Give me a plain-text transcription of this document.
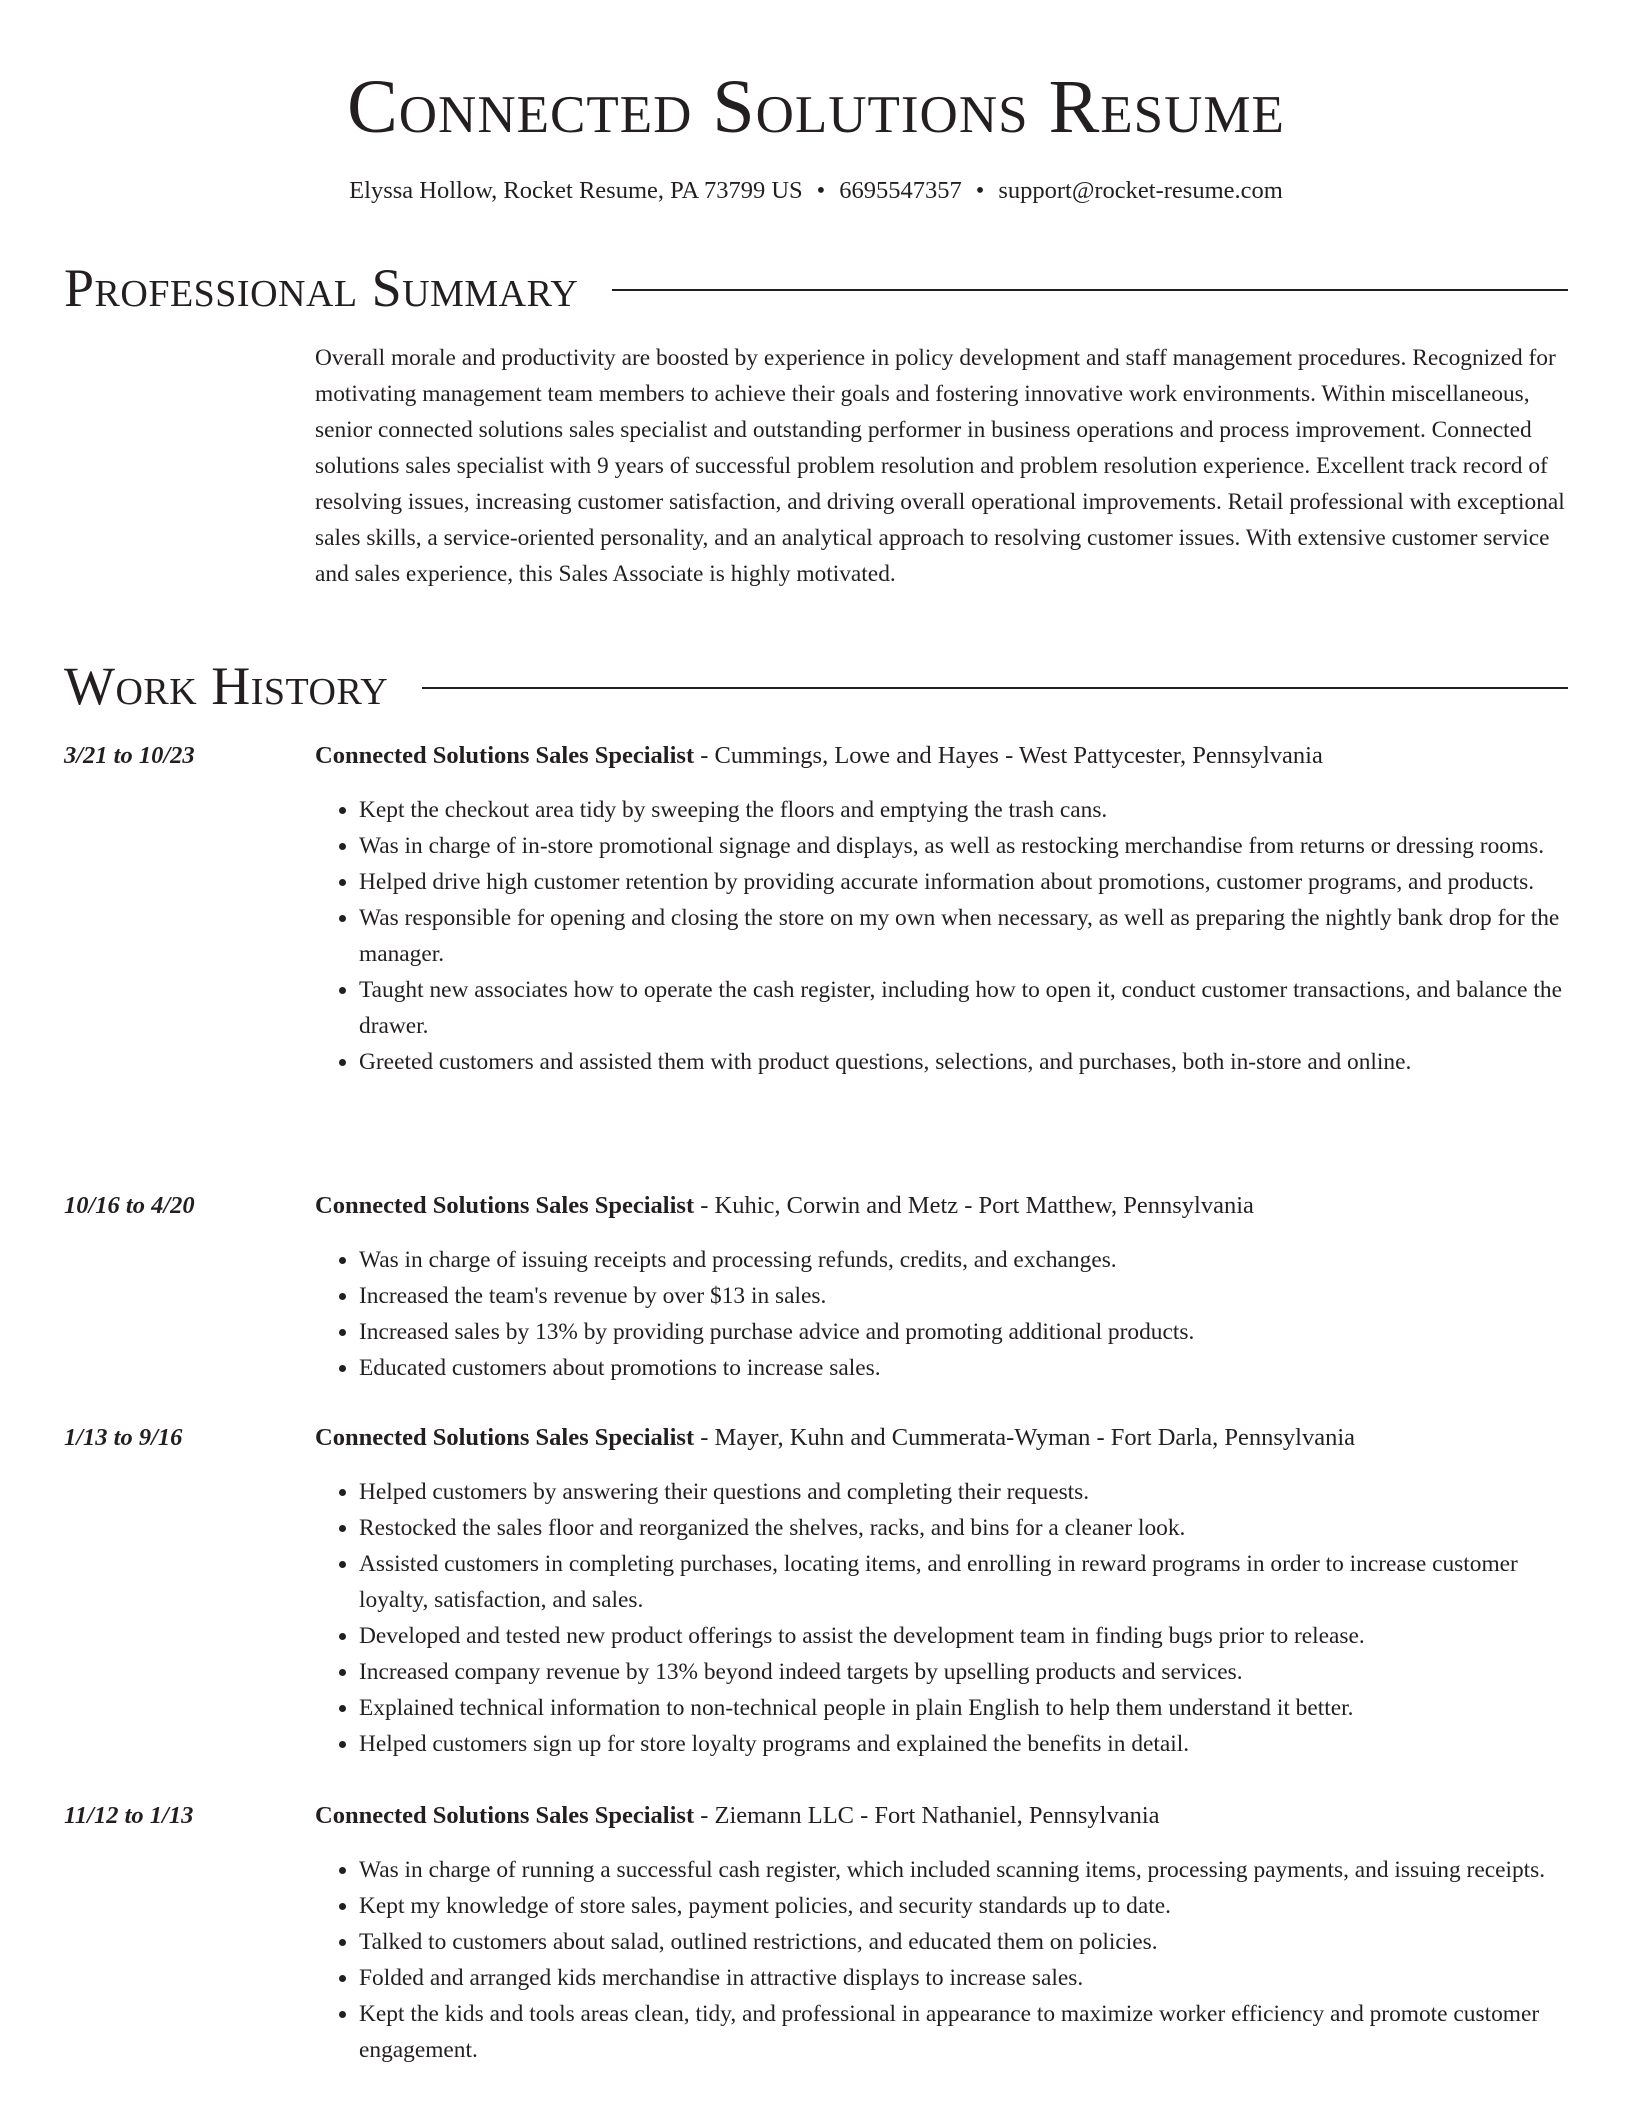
Connected Solutions Resume
Elyssa Hollow, Rocket Resume, PA 73799 US • 6695547357 • support@rocket-resume.com
Professional Summary

Overall morale and productivity are boosted by experience in policy development and staff management procedures. Recognized for motivating management team members to achieve their goals and fostering innovative work environments. Within miscellaneous, senior connected solutions sales specialist and outstanding performer in business operations and process improvement. Connected solutions sales specialist with 9 years of successful problem resolution and problem resolution experience. Excellent track record of resolving issues, increasing customer satisfaction, and driving overall operational improvements. Retail professional with exceptional sales skills, a service-oriented personality, and an analytical approach to resolving customer issues. With extensive customer service and sales experience, this Sales Associate is highly motivated.

Work History
3/21 to 10/23	Connected Solutions Sales Specialist - Cummings, Lowe and Hayes - West Pattycester, Pennsylvania
• Kept the checkout area tidy by sweeping the floors and emptying the trash cans.
• Was in charge of in-store promotional signage and displays, as well as restocking merchandise from returns or dressing rooms.
• Helped drive high customer retention by providing accurate information about promotions, customer programs, and products.
• Was responsible for opening and closing the store on my own when necessary, as well as preparing the nightly bank drop for the manager.
• Taught new associates how to operate the cash register, including how to open it, conduct customer transactions, and balance the drawer.
• Greeted customers and assisted them with product questions, selections, and purchases, both in-store and online.
10/16 to 4/20	Connected Solutions Sales Specialist - Kuhic, Corwin and Metz - Port Matthew, Pennsylvania
• Was in charge of issuing receipts and processing refunds, credits, and exchanges.
• Increased the team's revenue by over $13 in sales.
• Increased sales by 13% by providing purchase advice and promoting additional products.
• Educated customers about promotions to increase sales.
1/13 to 9/16	Connected Solutions Sales Specialist - Mayer, Kuhn and Cummerata-Wyman - Fort Darla, Pennsylvania
• Helped customers by answering their questions and completing their requests.
• Restocked the sales floor and reorganized the shelves, racks, and bins for a cleaner look.
• Assisted customers in completing purchases, locating items, and enrolling in reward programs in order to increase customer loyalty, satisfaction, and sales.
• Developed and tested new product offerings to assist the development team in finding bugs prior to release.
• Increased company revenue by 13% beyond indeed targets by upselling products and services.
• Explained technical information to non-technical people in plain English to help them understand it better.
• Helped customers sign up for store loyalty programs and explained the benefits in detail.
11/12 to 1/13	Connected Solutions Sales Specialist - Ziemann LLC - Fort Nathaniel, Pennsylvania
• Was in charge of running a successful cash register, which included scanning items, processing payments, and issuing receipts.
• Kept my knowledge of store sales, payment policies, and security standards up to date.
• Talked to customers about salad, outlined restrictions, and educated them on policies.
• Folded and arranged kids merchandise in attractive displays to increase sales.
• Kept the kids and tools areas clean, tidy, and professional in appearance to maximize worker efficiency and promote customer engagement.
